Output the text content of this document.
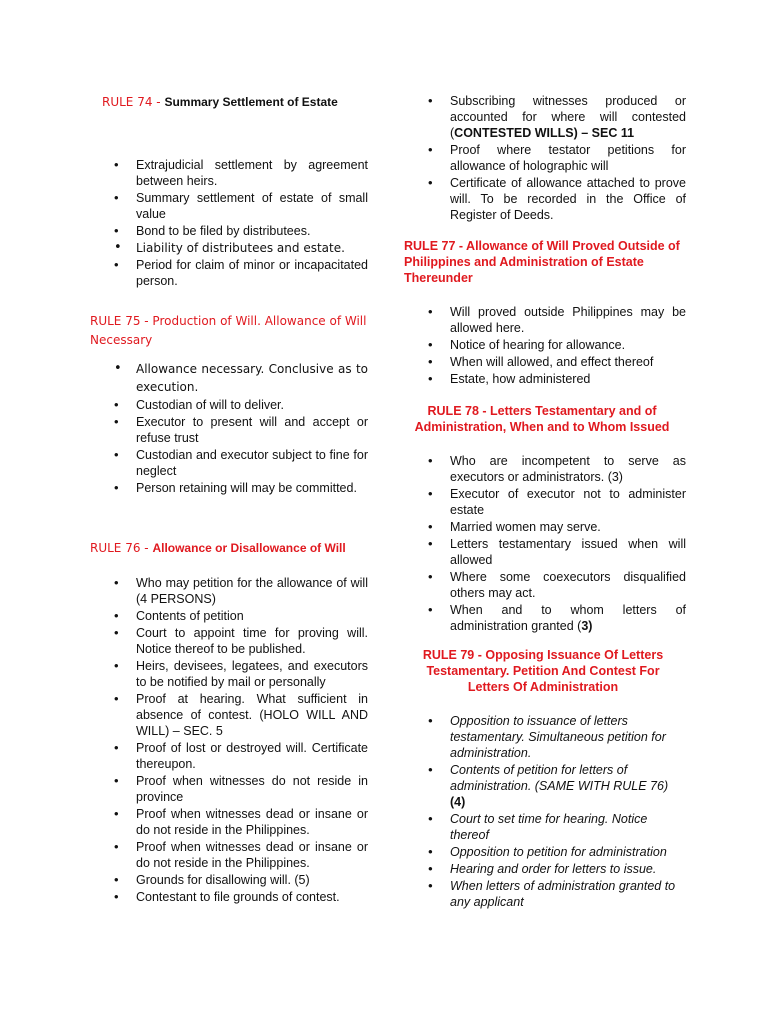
RULE 74 - Summary Settlement of Estate

• Extrajudicial settlement by agreement between heirs.
• Summary settlement of estate of small value
• Bond to be filed by distributees.
• Liability of distributees and estate.
• Period for claim of minor or incapacitated person.

RULE 75 - Production of Will. Allowance of Will Necessary

• Allowance necessary. Conclusive as to execution.
• Custodian of will to deliver.
• Executor to present will and accept or refuse trust
• Custodian and executor subject to fine for neglect
• Person retaining will may be committed.

RULE 76 - Allowance or Disallowance of Will

• Who may petition for the allowance of will (4 PERSONS)
• Contents of petition
• Court to appoint time for proving will. Notice thereof to be published.
• Heirs, devisees, legatees, and executors to be notified by mail or personally
• Proof at hearing. What sufficient in absence of contest. (HOLO WILL AND WILL) – SEC. 5
• Proof of lost or destroyed will. Certificate thereupon.
• Proof when witnesses do not reside in province
• Proof when witnesses dead or insane or do not reside in the Philippines.
• Proof when witnesses dead or insane or do not reside in the Philippines.
• Grounds for disallowing will. (5)
• Contestant to file grounds of contest.
• Subscribing witnesses produced or accounted for where will contested (CONTESTED WILLS) – SEC 11
• Proof where testator petitions for allowance of holographic will
• Certificate of allowance attached to prove will. To be recorded in the Office of Register of Deeds.

RULE 77 - Allowance of Will Proved Outside of Philippines and Administration of Estate Thereunder

• Will proved outside Philippines may be allowed here.
• Notice of hearing for allowance.
• When will allowed, and effect thereof
• Estate, how administered

RULE 78 - Letters Testamentary and of Administration, When and to Whom Issued

• Who are incompetent to serve as executors or administrators. (3)
• Executor of executor not to administer estate
• Married women may serve.
• Letters testamentary issued when will allowed
• Where some coexecutors disqualified others may act.
• When and to whom letters of administration granted (3)

RULE 79 - Opposing Issuance Of Letters Testamentary. Petition And Contest For Letters Of Administration

• Opposition to issuance of letters testamentary. Simultaneous petition for administration.
• Contents of petition for letters of administration. (SAME WITH RULE 76) (4)
• Court to set time for hearing. Notice thereof
• Opposition to petition for administration
• Hearing and order for letters to issue.
• When letters of administration granted to any applicant
